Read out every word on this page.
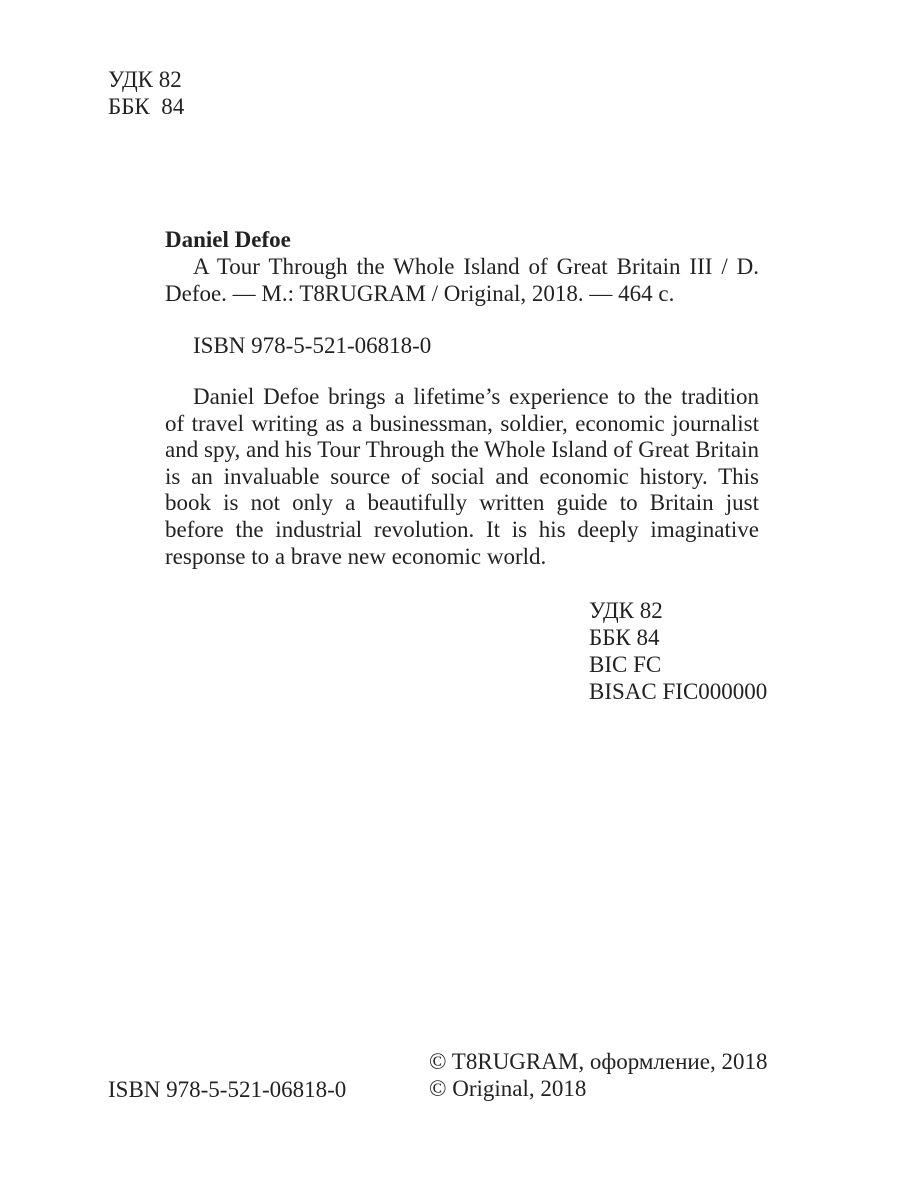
УДК 82
ББК  84
Daniel Defoe
A Tour Through the Whole Island of Great Britain III / D. Defoe. — M.: T8RUGRAM / Original, 2018. — 464 с.
ISBN 978-5-521-06818-0
Daniel Defoe brings a lifetime’s experience to the tradition of travel writing as a businessman, soldier, economic journalist and spy, and his Tour Through the Whole Island of Great Britain is an invaluable source of social and economic history. This book is not only a beautifully written guide to Britain just before the industrial revolution. It is his deeply imaginative response to a brave new economic world.
УДК 82
ББК 84
BIC FC
BISAC FIC000000
ISBN 978-5-521-06818-0
© T8RUGRAM, оформление, 2018
© Original, 2018
